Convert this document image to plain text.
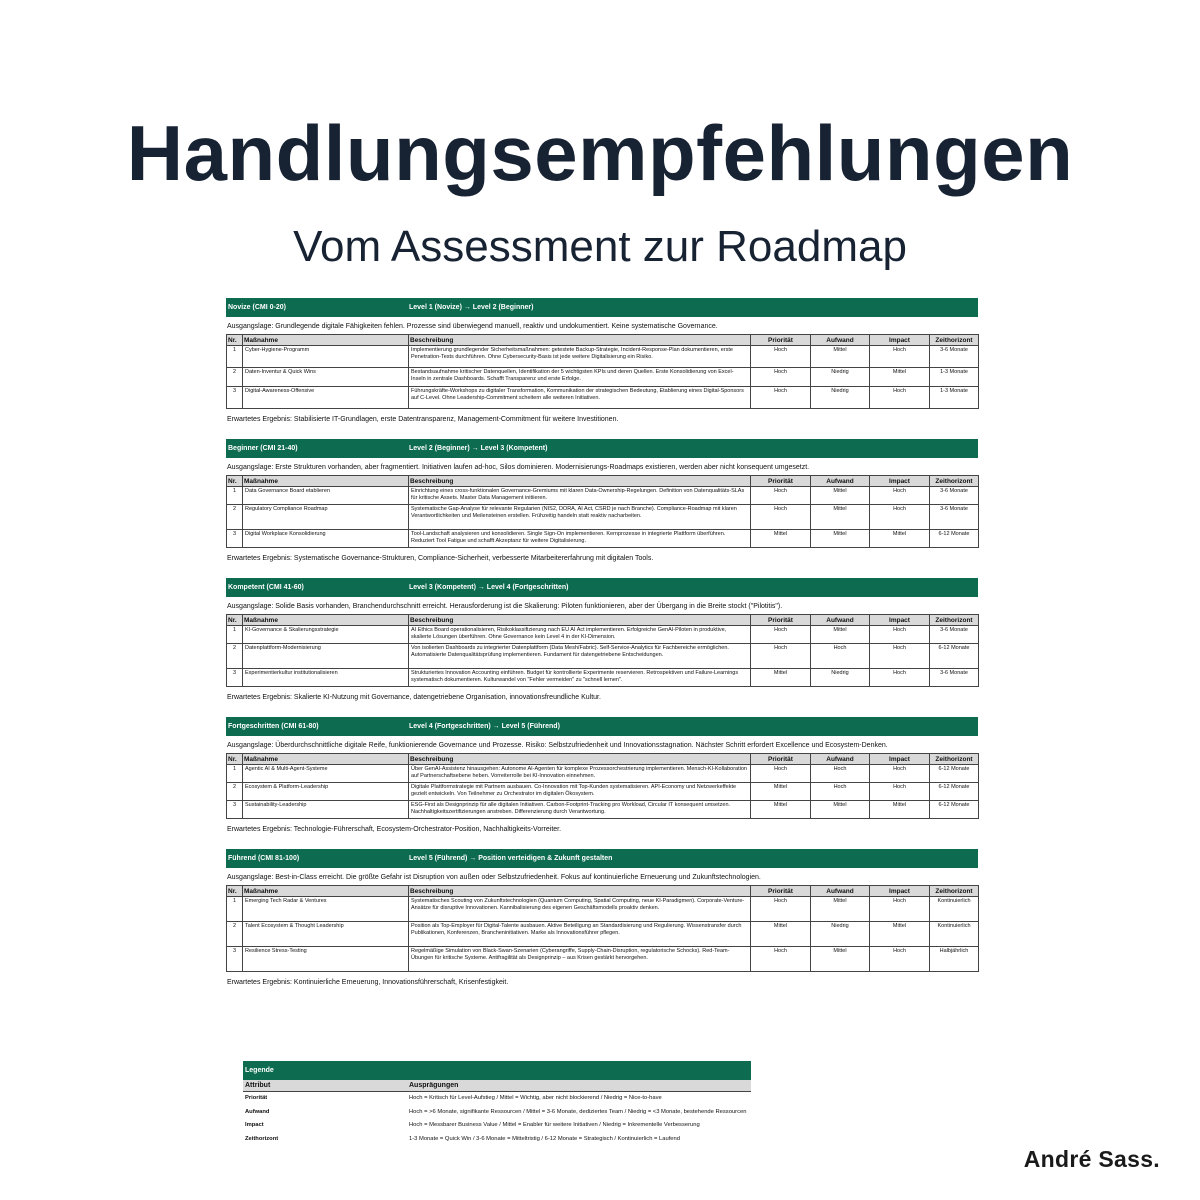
Handlungsempfehlungen
Vom Assessment zur Roadmap
Novize (CMI 0-20)	Level 1 (Novize) → Level 2 (Beginner)
Ausgangslage: Grundlegende digitale Fähigkeiten fehlen. Prozesse sind überwiegend manuell, reaktiv und undokumentiert. Keine systematische Governance.
Nr.	Maßnahme	Beschreibung	Priorität	Aufwand	Impact	Zeithorizont
1	Cyber-Hygiene-Programm	Implementierung grundlegender Sicherheitsmaßnahmen: getestete Backup-Strategie, Incident-Response-Plan dokumentieren, erste Penetration-Tests durchführen. Ohne Cybersecurity-Basis ist jede weitere Digitalisierung ein Risiko.	Hoch	Mittel	Hoch	3-6 Monate
2	Daten-Inventur & Quick Wins	Bestandsaufnahme kritischer Datenquellen, Identifikation der 5 wichtigsten KPIs und deren Quellen. Erste Konsolidierung von Excel-Inseln in zentrale Dashboards. Schafft Transparenz und erste Erfolge.	Hoch	Niedrig	Mittel	1-3 Monate
3	Digital-Awareness-Offensive	Führungskräfte-Workshops zu digitaler Transformation, Kommunikation der strategischen Bedeutung, Etablierung eines Digital-Sponsors auf C-Level. Ohne Leadership-Commitment scheitern alle weiteren Initiativen.	Hoch	Niedrig	Hoch	1-3 Monate
Erwartetes Ergebnis: Stabilisierte IT-Grundlagen, erste Datentransparenz, Management-Commitment für weitere Investitionen.
Beginner (CMI 21-40)	Level 2 (Beginner) → Level 3 (Kompetent)
Ausgangslage: Erste Strukturen vorhanden, aber fragmentiert. Initiativen laufen ad-hoc, Silos dominieren. Modernisierungs-Roadmaps existieren, werden aber nicht konsequent umgesetzt.
Nr.	Maßnahme	Beschreibung	Priorität	Aufwand	Impact	Zeithorizont
1	Data Governance Board etablieren	Einrichtung eines cross-funktionalen Governance-Gremiums mit klaren Data-Ownership-Regelungen. Definition von Datenqualitäts-SLAs für kritische Assets. Master Data Management initiieren.	Hoch	Mittel	Hoch	3-6 Monate
2	Regulatory Compliance Roadmap	Systematische Gap-Analyse für relevante Regularien (NIS2, DORA, AI Act, CSRD je nach Branche). Compliance-Roadmap mit klaren Verantwortlichkeiten und Meilensteinen erstellen. Frühzeitig handeln statt reaktiv nacharbeiten.	Hoch	Mittel	Hoch	3-6 Monate
3	Digital Workplace Konsolidierung	Tool-Landschaft analysieren und konsolidieren. Single Sign-On implementieren. Kernprozesse in integrierte Plattform überführen. Reduziert Tool Fatigue und schafft Akzeptanz für weitere Digitalisierung.	Mittel	Mittel	Mittel	6-12 Monate
Erwartetes Ergebnis: Systematische Governance-Strukturen, Compliance-Sicherheit, verbesserte Mitarbeitererfahrung mit digitalen Tools.
Kompetent (CMI 41-60)	Level 3 (Kompetent) → Level 4 (Fortgeschritten)
Ausgangslage: Solide Basis vorhanden, Branchendurchschnitt erreicht. Herausforderung ist die Skalierung: Piloten funktionieren, aber der Übergang in die Breite stockt ("Pilotitis").
Nr.	Maßnahme	Beschreibung	Priorität	Aufwand	Impact	Zeithorizont
1	KI-Governance & Skalierungsstrategie	AI Ethics Board operationalisieren, Risikoklassifizierung nach EU AI Act implementieren. Erfolgreiche GenAI-Piloten in produktive, skalierte Lösungen überführen. Ohne Governance kein Level 4 in der KI-Dimension.	Hoch	Mittel	Hoch	3-6 Monate
2	Datenplattform-Modernisierung	Von isolierten Dashboards zu integrierter Datenplattform (Data Mesh/Fabric). Self-Service-Analytics für Fachbereiche ermöglichen. Automatisierte Datenqualitätsprüfung implementieren. Fundament für datengetriebene Entscheidungen.	Hoch	Hoch	Hoch	6-12 Monate
3	Experimentierkultur institutionalisieren	Strukturiertes Innovation Accounting einführen. Budget für kontrollierte Experimente reservieren. Retrospektiven und Failure-Learnings systematisch dokumentieren. Kulturwandel von "Fehler vermeiden" zu "schnell lernen".	Mittel	Niedrig	Hoch	3-6 Monate
Erwartetes Ergebnis: Skalierte KI-Nutzung mit Governance, datengetriebene Organisation, innovationsfreundliche Kultur.
Fortgeschritten (CMI 61-80)	Level 4 (Fortgeschritten) → Level 5 (Führend)
Ausgangslage: Überdurchschnittliche digitale Reife, funktionierende Governance und Prozesse. Risiko: Selbstzufriedenheit und Innovationsstagnation. Nächster Schritt erfordert Excellence und Ecosystem-Denken.
Nr.	Maßnahme	Beschreibung	Priorität	Aufwand	Impact	Zeithorizont
1	Agentic AI & Multi-Agent-Systeme	Über GenAI-Assistenz hinausgehen: Autonome AI-Agenten für komplexe Prozessorchestrierung implementieren. Mensch-KI-Kollaboration auf Partnerschaftsebene heben. Vorreiterrolle bei KI-Innovation einnehmen.	Hoch	Hoch	Hoch	6-12 Monate
2	Ecosystem & Platform-Leadership	Digitale Plattformstrategie mit Partnern ausbauen. Co-Innovation mit Top-Kunden systematisieren. API-Economy und Netzwerkeffekte gezielt entwickeln. Von Teilnehmer zu Orchestrator im digitalen Ökosystem.	Mittel	Hoch	Hoch	6-12 Monate
3	Sustainability-Leadership	ESG-First als Designprinzip für alle digitalen Initiativen. Carbon-Footprint-Tracking pro Workload, Circular IT konsequent umsetzen. Nachhaltigkeitszertifizierungen anstreben. Differenzierung durch Verantwortung.	Mittel	Mittel	Mittel	6-12 Monate
Erwartetes Ergebnis: Technologie-Führerschaft, Ecosystem-Orchestrator-Position, Nachhaltigkeits-Vorreiter.
Führend (CMI 81-100)	Level 5 (Führend) → Position verteidigen & Zukunft gestalten
Ausgangslage: Best-in-Class erreicht. Die größte Gefahr ist Disruption von außen oder Selbstzufriedenheit. Fokus auf kontinuierliche Erneuerung und Zukunftstechnologien.
Nr.	Maßnahme	Beschreibung	Priorität	Aufwand	Impact	Zeithorizont
1	Emerging Tech Radar & Ventures	Systematisches Scouting von Zukunftstechnologien (Quantum Computing, Spatial Computing, neue KI-Paradigmen). Corporate-Venture-Ansätze für disruptive Innovationen. Kannibalisierung des eigenen Geschäftsmodells proaktiv denken.	Hoch	Mittel	Hoch	Kontinuierlich
2	Talent Ecosystem & Thought Leadership	Position als Top-Employer für Digital-Talente ausbauen. Aktive Beteiligung an Standardisierung und Regulierung. Wissenstransfer durch Publikationen, Konferenzen, Brancheninitiativen. Marke als Innovationsführer pflegen.	Mittel	Niedrig	Mittel	Kontinuierlich
3	Resilience Stress-Testing	Regelmäßige Simulation von Black-Swan-Szenarien (Cyberangriffe, Supply-Chain-Disruption, regulatorische Schocks). Red-Team-Übungen für kritische Systeme. Antifragilität als Designprinzip – aus Krisen gestärkt hervorgehen.	Hoch	Mittel	Hoch	Halbjährlich
Erwartetes Ergebnis: Kontinuierliche Erneuerung, Innovationsführerschaft, Krisenfestigkeit.
Legende
Attribut	Ausprägungen
Priorität	Hoch = Kritisch für Level-Aufstieg / Mittel = Wichtig, aber nicht blockierend / Niedrig = Nice-to-have
Aufwand	Hoch = >6 Monate, signifikante Ressourcen / Mittel = 3-6 Monate, dediziertes Team / Niedrig = <3 Monate, bestehende Ressourcen
Impact	Hoch = Messbarer Business Value / Mittel = Enabler für weitere Initiativen / Niedrig = Inkrementelle Verbesserung
Zeithorizont	1-3 Monate = Quick Win / 3-6 Monate = Mitteltristig / 6-12 Monate = Strategisch / Kontinuierlich = Laufend
André Sass.
